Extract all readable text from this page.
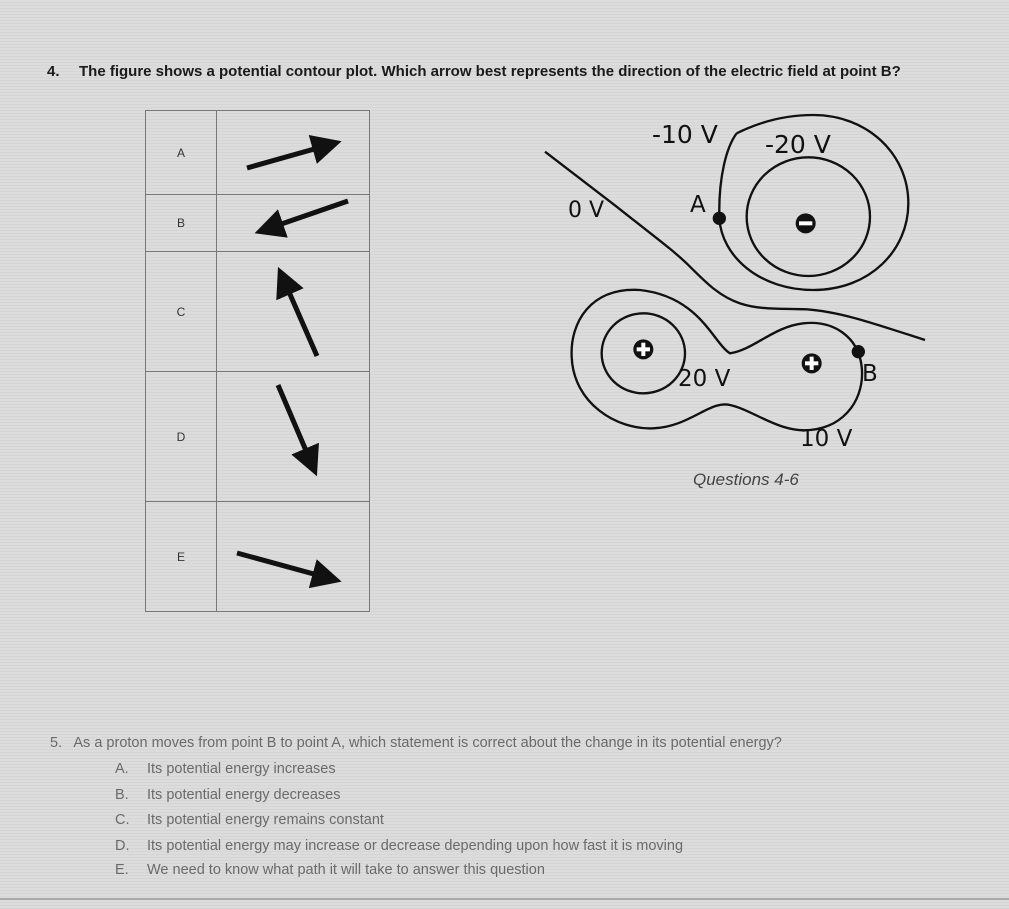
4. The figure shows a potential contour plot. Which arrow best represents the direction of the electric field at point B?
A
B
C
D
E
-10 V -20 V
0 V	A
20 V	B
10 V
Questions 4-6
5. As a proton moves from point B to point A, which statement is correct about the change in its potential energy?
A. Its potential energy increases
B. Its potential energy decreases
C. Its potential energy remains constant
D. Its potential energy may increase or decrease depending upon how fast it is moving
E. We need to know what path it will take to answer this question
